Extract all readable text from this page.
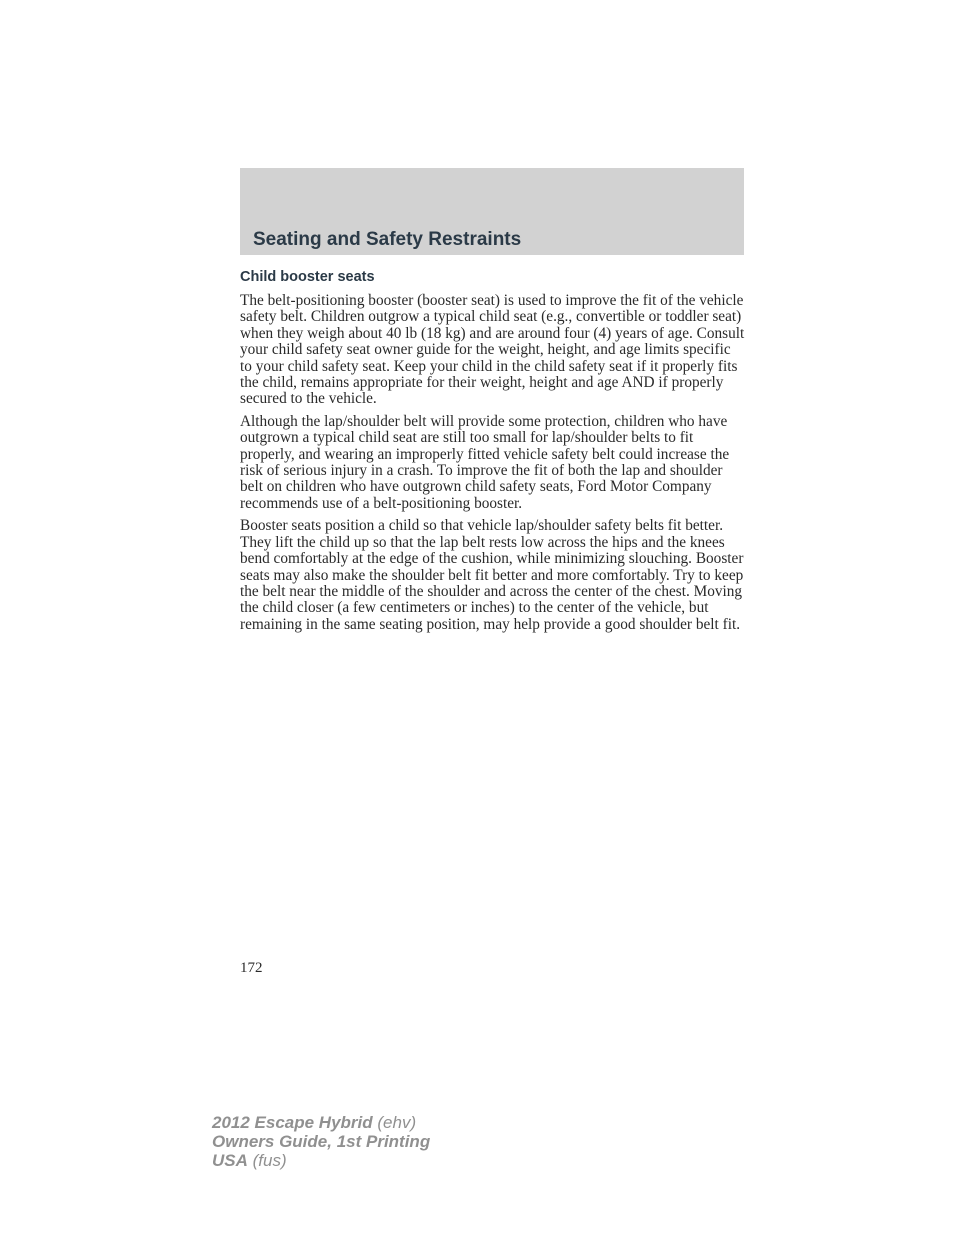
Seating and Safety Restraints
Child booster seats

The belt-positioning booster (booster seat) is used to improve the fit of the vehicle safety belt. Children outgrow a typical child seat (e.g., convertible or toddler seat) when they weigh about 40 lb (18 kg) and are around four (4) years of age. Consult your child safety seat owner guide for the weight, height, and age limits specific to your child safety seat. Keep your child in the child safety seat if it properly fits the child, remains appropriate for their weight, height and age AND if properly secured to the vehicle.

Although the lap/shoulder belt will provide some protection, children who have outgrown a typical child seat are still too small for lap/shoulder belts to fit properly, and wearing an improperly fitted vehicle safety belt could increase the risk of serious injury in a crash. To improve the fit of both the lap and shoulder belt on children who have outgrown child safety seats, Ford Motor Company recommends use of a belt-positioning booster.

Booster seats position a child so that vehicle lap/shoulder safety belts fit better. They lift the child up so that the lap belt rests low across the hips and the knees bend comfortably at the edge of the cushion, while minimizing slouching. Booster seats may also make the shoulder belt fit better and more comfortably. Try to keep the belt near the middle of the shoulder and across the center of the chest. Moving the child closer (a few centimeters or inches) to the center of the vehicle, but remaining in the same seating position, may help provide a good shoulder belt fit.

172

2012 Escape Hybrid (ehv)
Owners Guide, 1st Printing
USA (fus)
